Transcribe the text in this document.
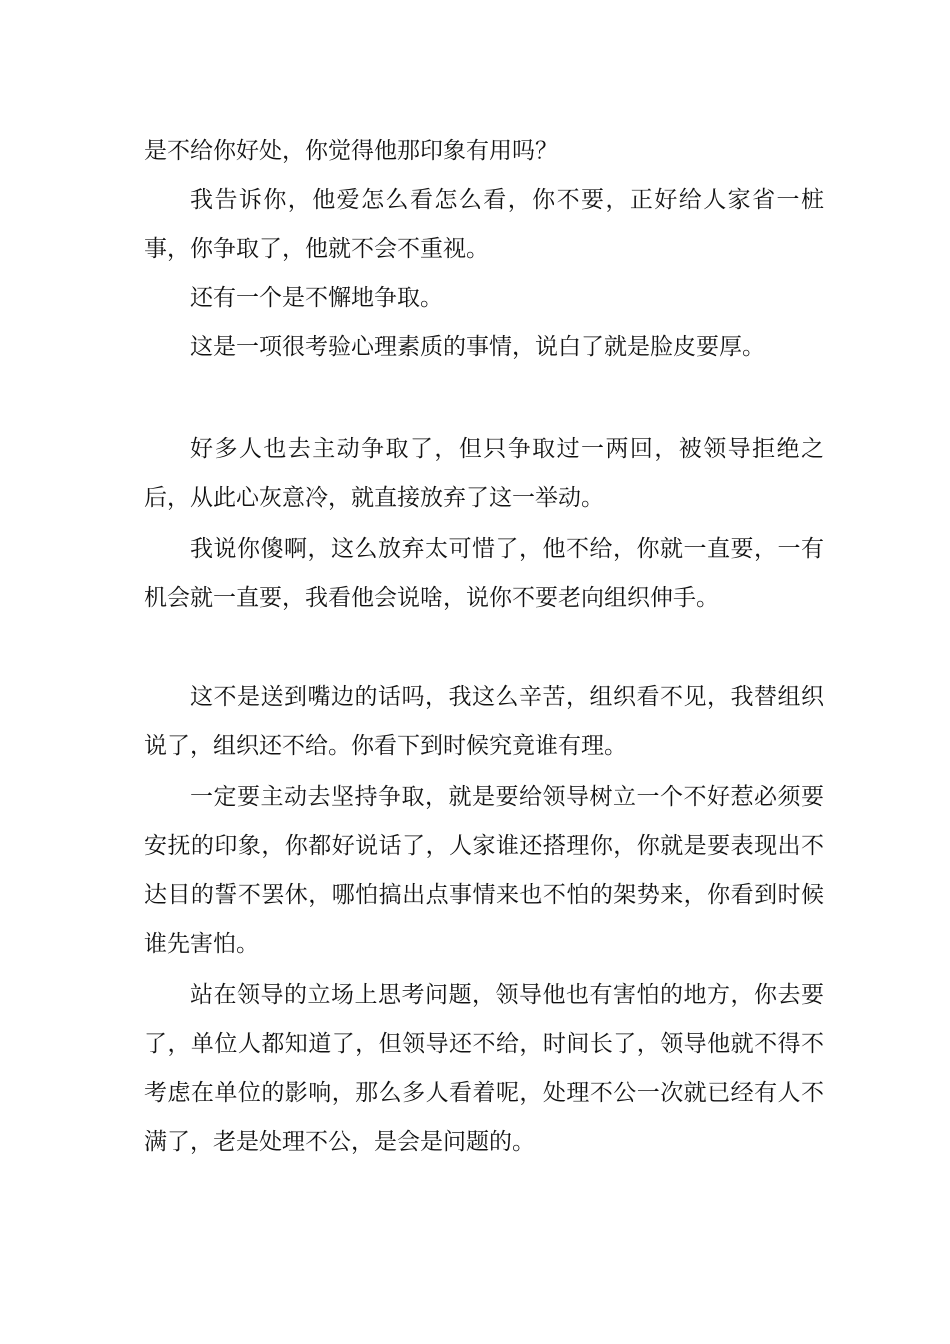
是不给你好处，你觉得他那印象有用吗？

我告诉你，他爱怎么看怎么看，你不要，正好给人家省一桩事，你争取了，他就不会不重视。

还有一个是不懈地争取。

这是一项很考验心理素质的事情，说白了就是脸皮要厚。

好多人也去主动争取了，但只争取过一两回，被领导拒绝之后，从此心灰意冷，就直接放弃了这一举动。

我说你傻啊，这么放弃太可惜了，他不给，你就一直要，一有机会就一直要，我看他会说啥，说你不要老向组织伸手。

这不是送到嘴边的话吗，我这么辛苦，组织看不见，我替组织说了，组织还不给。你看下到时候究竟谁有理。

一定要主动去坚持争取，就是要给领导树立一个不好惹必须要安抚的印象，你都好说话了，人家谁还搭理你，你就是要表现出不达目的誓不罢休，哪怕搞出点事情来也不怕的架势来，你看到时候谁先害怕。

站在领导的立场上思考问题，领导他也有害怕的地方，你去要了，单位人都知道了，但领导还不给，时间长了，领导他就不得不考虑在单位的影响，那么多人看着呢，处理不公一次就已经有人不满了，老是处理不公，是会是问题的。
